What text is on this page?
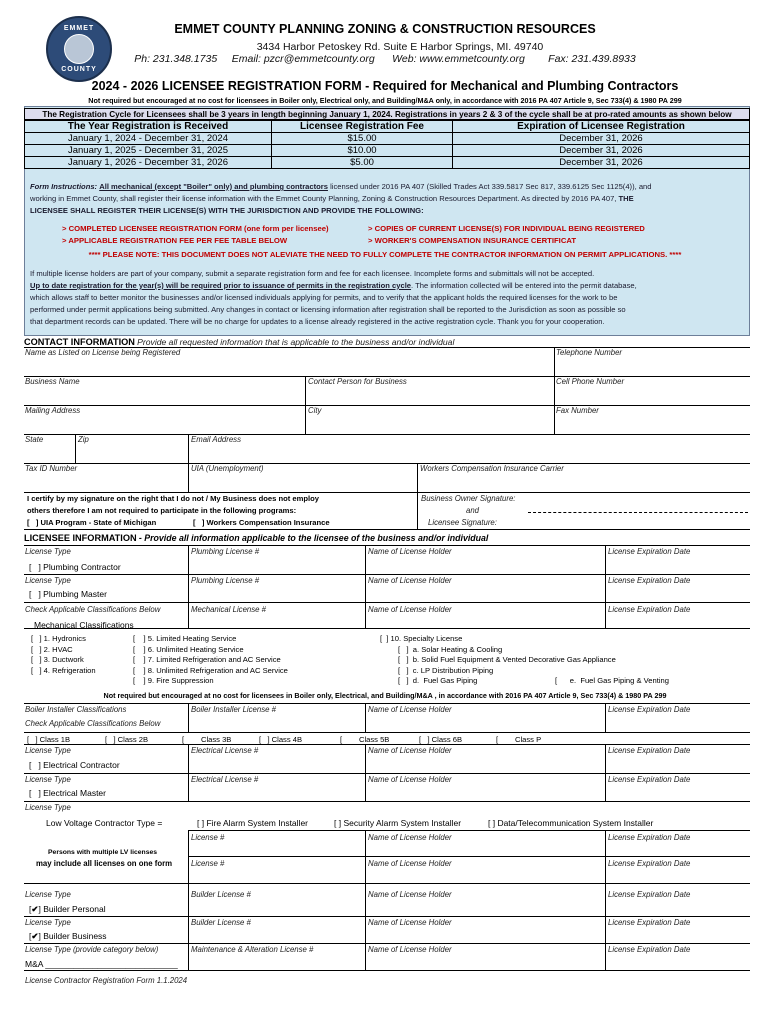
EMMET
COUNTY
EMMET COUNTY PLANNING ZONING & CONSTRUCTION RESOURCES
3434 Harbor Petoskey Rd. Suite E Harbor Springs, MI. 49740
Ph: 231.348.1735     Email: pzcr@emmetcounty.org      Web: www.emmetcounty.org        Fax: 231.439.8933
2024 - 2026 LICENSEE REGISTRATION FORM - Required for Mechanical and Plumbing Contractors
Not required but encouraged at no cost for licensees in Boiler only, Electrical only, and Building/M&A only, in accordance with 2016 PA 407 Article 9, Sec 733(4) & 1980 PA 299
The Registration Cycle for Licensees shall be 3 years in length beginning January 1, 2024. Registrations in years 2 & 3 of the cycle shall be at pro-rated amounts as shown below
The Year Registration is Received	Licensee Registration Fee	Expiration of Licensee Registration
January 1, 2024 - December 31, 2024	$15.00	December 31, 2026
January 1, 2025 - December 31, 2025	$10.00	December 31, 2026
January 1, 2026 - December 31, 2026	$5.00	December 31, 2026
Form Instructions: All mechanical (except "Boiler" only) and plumbing contractors licensed under 2016 PA 407 (Skilled Trades Act 339.5817 Sec 817, 339.6125 Sec 1125(4)), and
working in Emmet County, shall register their license information with the Emmet County Planning, Zoning & Construction Resources Department. As directed by 2016 PA 407, THE
LICENSEE SHALL REGISTER THEIR LICENSE(S) WITH THE JURISDICTION AND PROVIDE THE FOLLOWING:
> COMPLETED LICENSEE REGISTRATION FORM (one form per licensee)	> COPIES OF CURRENT LICENSE(S) FOR INDIVIDUAL BEING REGISTERED
> APPLICABLE REGISTRATION FEE PER FEE TABLE BELOW	> WORKER'S COMPENSATION INSURANCE CERTIFICAT
**** PLEASE NOTE: THIS DOCUMENT DOES NOT ALEVIATE THE NEED TO FULLY COMPLETE THE CONTRACTOR INFORMATION ON PERMIT APPLICATIONS. ****
If multiple license holders are part of your company, submit a separate registration form and fee for each licensee. Incomplete forms and submittals will not be accepted.
Up to date registration for the year(s) will be required prior to issuance of permits in the registration cycle. The information collected will be entered into the permit database,
which allows staff to better monitor the businesses and/or licensed individuals applying for permits, and to verify that the applicant holds the required licenses for the work to be
performed under permit applications being submitted. Any changes in contact or licensing information after registration shall be reported to the Jurisdiction as soon as possible so
that department records can be updated. There will be no charge for updates to a license already registered in the active registration cycle. Thank you for your cooperation.
CONTACT INFORMATION Provide all requested information that is applicable to the business and/or individual
Name as Listed on License being Registered	Telephone Number
Business Name	Contact Person for Business	Cell Phone Number
Mailing Address	City	Fax Number
State	Zip	Email Address
Tax ID Number	UIA (Unemployment)	Workers Compensation Insurance Carrier
I certify by my signature on the right that I do not / My Business does not employ
others therefore I am not required to participate in the following programs:
[   ] UIA Program - State of Michigan	[   ] Workers Compensation Insurance
Business Owner Signature:
and
Licensee Signature:
LICENSEE INFORMATION - Provide all information applicable to the licensee of the business and/or individual
License Type	Plumbing License #	Name of License Holder	License Expiration Date
[   ] Plumbing Contractor
License Type	Plumbing License #	Name of License Holder	License Expiration Date
[   ] Plumbing Master
Check Applicable Classifications Below	Mechanical License #	Name of License Holder	License Expiration Date
Mechanical Classifications
[   ] 1. Hydronics
[   ] 2. HVAC
[   ] 3. Ductwork
[   ] 4. Refrigeration
[    ] 5. Limited Heating Service
[    ] 6. Unlimited Heating Service
[    ] 7. Limited Refrigeration and AC Service
[    ] 8. Unlimited Refrigeration and AC Service
[    ] 9. Fire Suppression
[  ] 10. Specialty License
[   ]  a. Solar Heating & Cooling
[   ]  b. Solid Fuel Equipment & Vented Decorative Gas Appliance
[   ]  c. LP Distribution Piping
[   ]  d.  Fuel Gas Piping	[      e.  Fuel Gas Piping & Venting
Not required but encouraged at no cost for licensees in Boiler only, Electrical, and Building/M&A , in accordance with 2016 PA 407 Article 9, Sec 733(4) & 1980 PA 299
Boiler Installer Classifications	Boiler Installer License #	Name of License Holder	License Expiration Date
Check Applicable Classifications Below
[   ] Class 1B	[   ] Class 2B	[        Class 3B	[   ] Class 4B	[        Class 5B	[   ] Class 6B	[        Class P
License Type	Electrical License #	Name of License Holder	License Expiration Date
[   ] Electrical Contractor
License Type	Electrical License #	Name of License Holder	License Expiration Date
[   ] Electrical Master
License Type
Low Voltage Contractor Type =	[ ] Fire Alarm System Installer	[ ] Security Alarm System Installer	[ ] Data/Telecommunication System Installer
License #	Name of License Holder	License Expiration Date
Persons with multiple LV licenses
may include all licenses on one form License #	Name of License Holder	License Expiration Date
License Type	Builder License #	Name of License Holder	License Expiration Date
[✔] Builder Personal
License Type	Builder License #	Name of License Holder	License Expiration Date
[✔] Builder Business
License Type (provide category below)	Maintenance & Alteration License #	Name of License Holder	License Expiration Date
M&A ____________________________
License Contractor Registration Form 1.1.2024
